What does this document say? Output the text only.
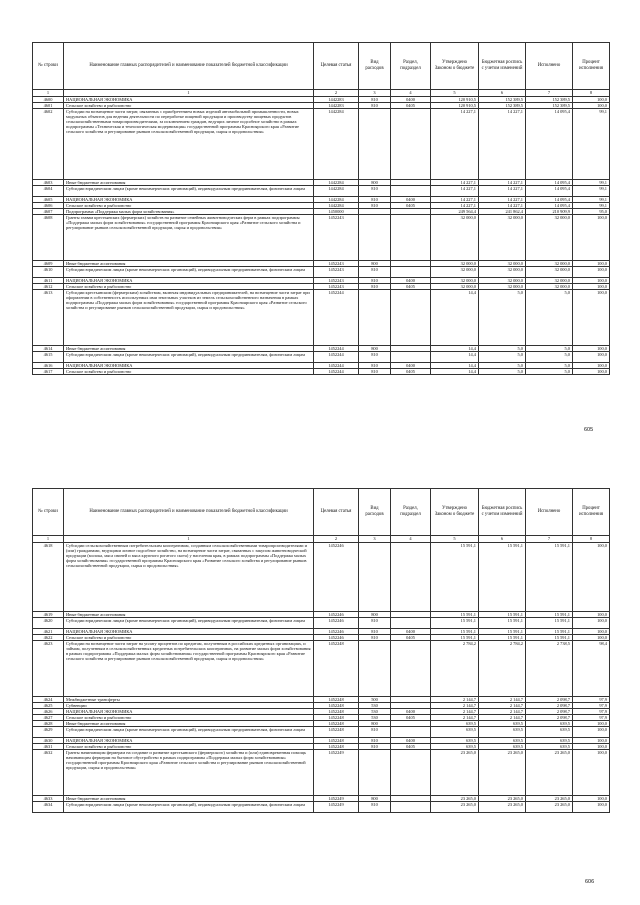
№ строки	Наименование главных распорядителей и наименование показателей бюджетной классификации	Целевая статья	Вид расходов	Раздел, подраздел	Утверждено Законом о бюджете	Бюджетная роспись с учетом изменений	Исполнено	Процент исполнения
1	1	2	3	4	5	6	7	8
4600	НАЦИОНАЛЬНАЯ ЭКОНОМИКА	1442283	810	0400	120 910,5	152 389,5	152 389,5	100,0
4601	Сельское хозяйство и рыболовство	1442283	810	0405	120 910,5	152 389,5	152 389,5	100,0
4602	Субсидии на возмещение части затрат, связанных с приобретением новых изделий автомобильной промышленности, новых модульных объектов для ведения деятельности по переработке пищевой продукции и производству пищевых продуктов сельскохозяйственными товаропроизводителями, за исключением граждан, ведущих личное подсобное хозяйство в рамках подпрограммы «Техническая и технологическая модернизация» государственной программы Красноярского края «Развитие сельского хозяйства и регулирование рынков сельскохозяйственной продукции, сырья и продовольствия»	1442284			14 227,1	14 227,1	14 095,4	99,1
4603	Иные бюджетные ассигнования	1442284	800		14 227,1	14 227,1	14 095,4	99,1
4604	Субсидии юридическим лицам (кроме некоммерческих организаций), индивидуальным предпринимателям, физическим лицам	1442284	810		14 227,1	14 227,1	14 095,4	99,1
4605	НАЦИОНАЛЬНАЯ ЭКОНОМИКА	1442284	810	0400	14 227,1	14 227,1	14 095,4	99,1
4606	Сельское хозяйство и рыболовство	1442284	810	0405	14 227,1	14 227,1	14 095,4	99,1
4607	Подпрограмма «Поддержка малых форм хозяйствования»	1450000			249 564,4	241 862,4	210 909,9	95,0
4608	Гранты главам крестьянских (фермерских) хозяйств на развитие семейных животноводческих ферм в рамках подпрограммы «Поддержка малых форм хозяйствования» государственной программы Красноярского края «Развитие сельского хозяйства и регулирование рынков сельскохозяйственной продукции, сырья и продовольствия»	1452243			32 000,0	32 000,0	32 000,0	100,0
4609	Иные бюджетные ассигнования	1452243	800		32 000,0	32 000,0	32 000,0	100,0
4610	Субсидии юридическим лицам (кроме некоммерческих организаций), индивидуальным предпринимателям, физическим лицам	1452243	810		32 000,0	32 000,0	32 000,0	100,0
4611	НАЦИОНАЛЬНАЯ ЭКОНОМИКА	1452243	810	0400	32 000,0	32 000,0	32 000,0	100,0
4612	Сельское хозяйство и рыболовство	1452243	810	0405	32 000,0	32 000,0	32 000,0	100,0
4613	Субсидии крестьянским (фермерским) хозяйствам, включая индивидуальных предпринимателей, на возмещение части затрат при оформлении в собственность используемых ими земельных участков из земель сельскохозяйственного назначения в рамках подпрограммы «Поддержка малых форм хозяйствования» государственной программы Красноярского края «Развитие сельского хозяйства и регулирование рынков сельскохозяйственной продукции, сырья и продовольствия»	1452244			14,4	5,0	5,0	100,0
4614	Иные бюджетные ассигнования	1452244	800		14,4	5,0	5,0	100,0
4615	Субсидии юридическим лицам (кроме некоммерческих организаций), индивидуальным предпринимателям, физическим лицам	1452244	810		14,4	5,0	5,0	100,0
4616	НАЦИОНАЛЬНАЯ ЭКОНОМИКА	1452244	810	0400	14,4	5,0	5,0	100,0
4617	Сельское хозяйство и рыболовство	1452244	810	0405	14,4	5,0	5,0	100,0
605
№ строки	Наименование главных распорядителей и наименование показателей бюджетной классификации	Целевая статья	Вид расходов	Раздел, подраздел	Утверждено Законом о бюджете	Бюджетная роспись с учетом изменений	Исполнено	Процент исполнения
1	1	2	3	4	5	6	7	8
4618	Субсидии сельскохозяйственным потребительским кооперативам, созданным сельскохозяйственными товаропроизводителями и (или) гражданами, ведущими личное подсобное хозяйство, на возмещение части затрат, связанных с закупом животноводческой продукции (молока, мяса свиней и мяса крупного рогатого скота) у населения края, в рамках подпрограммы «Поддержка малых форм хозяйствования» государственной программы Красноярского края «Развитие сельского хозяйства и регулирование рынков сельскохозяйственной продукции, сырья и продовольствия»	1452246			15 591,1	15 591,1	15 591,1	100,0
4619	Иные бюджетные ассигнования	1452246	800		15 591,1	15 591,1	15 591,1	100,0
4620	Субсидии юридическим лицам (кроме некоммерческих организаций), индивидуальным предпринимателям, физическим лицам	1452246	810		15 591,1	15 591,1	15 591,1	100,0
4621	НАЦИОНАЛЬНАЯ ЭКОНОМИКА	1452246	810	0400	15 591,1	15 591,1	15 591,1	100,0
4622	Сельское хозяйство и рыболовство	1452246	810	0405	15 591,1	15 591,1	15 591,1	100,0
4623	Субсидии на возмещение части затрат на уплату процентов по кредитам, полученным в российских кредитных организациях, и займам, полученным в сельскохозяйственных кредитных потребительских кооперативах, на развитие малых форм хозяйствования в рамках подпрограммы «Поддержка малых форм хозяйствования» государственной программы Красноярского края «Развитие сельского хозяйства и регулирование рынков сельскохозяйственной продукции, сырья и продовольствия»	1452248			2 784,2	2 784,2	2 738,5	98,4
4624	Межбюджетные трансферты	1452248	500		2 144,7	2 144,7	2 098,7	97,9
4625	Субвенции	1452248	530		2 144,7	2 144,7	2 098,7	97,9
4626	НАЦИОНАЛЬНАЯ ЭКОНОМИКА	1452248	530	0400	2 144,7	2 144,7	2 098,7	97,9
4627	Сельское хозяйство и рыболовство	1452248	530	0405	2 144,7	2 144,7	2 098,7	97,9
4628	Иные бюджетные ассигнования	1452248	800		639,5	639,5	639,5	100,0
4629	Субсидии юридическим лицам (кроме некоммерческих организаций), индивидуальным предпринимателям, физическим лицам	1452248	810		639,5	639,5	639,5	100,0
4630	НАЦИОНАЛЬНАЯ ЭКОНОМИКА	1452248	810	0400	639,5	639,5	639,5	100,0
4631	Сельское хозяйство и рыболовство	1452248	810	0405	639,5	639,5	639,5	100,0
4632	Гранты начинающим фермерам на создание и развитие крестьянского (фермерского) хозяйства и (или) единовременная помощь начинающим фермерам на бытовое обустройство в рамках подпрограммы «Поддержка малых форм хозяйствования» государственной программы Красноярского края «Развитие сельского хозяйства и регулирование рынков сельскохозяйственной продукции, сырья и продовольствия»	1452249			23 265,0	23 265,0	23 265,0	100,0
4633	Иные бюджетные ассигнования	1452249	800		23 265,0	23 265,0	23 265,0	100,0
4634	Субсидии юридическим лицам (кроме некоммерческих организаций), индивидуальным предпринимателям, физическим лицам	1452249	810		23 265,0	23 265,0	23 265,0	100,0
606
